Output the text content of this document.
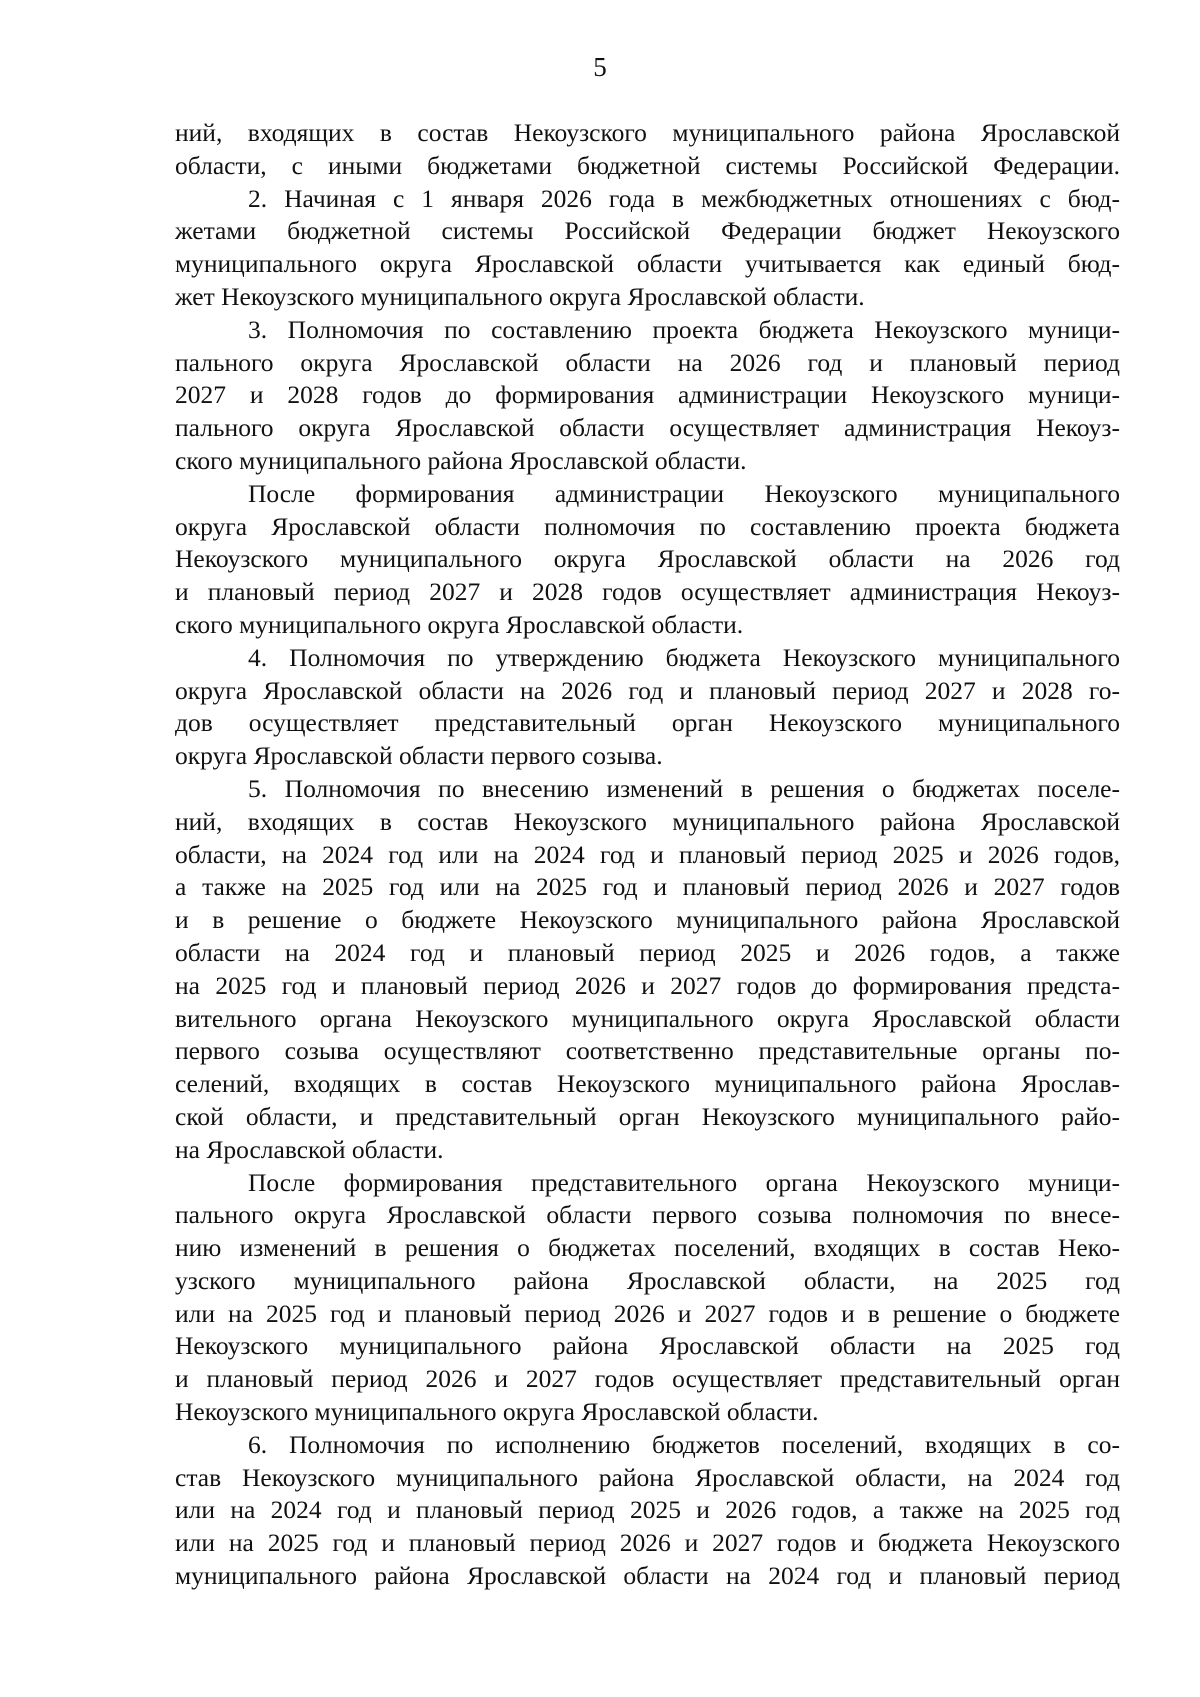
5

ний, входящих в состав Некоузского муниципального района Ярославской
области, с иными бюджетами бюджетной системы Российской Федерации.

2. Начиная с 1 января 2026 года в межбюджетных отношениях с бюд-
жетами бюджетной системы Российской Федерации бюджет Некоузского
муниципального округа Ярославской области учитывается как единый бюд-
жет Некоузского муниципального округа Ярославской области.

3. Полномочия по составлению проекта бюджета Некоузского муници-
пального округа Ярославской области на 2026 год и плановый период
2027 и 2028 годов до формирования администрации Некоузского муници-
пального округа Ярославской области осуществляет администрация Некоуз-
ского муниципального района Ярославской области.

После формирования администрации Некоузского муниципального
округа Ярославской области полномочия по составлению проекта бюджета
Некоузского муниципального округа Ярославской области на 2026 год
и плановый период 2027 и 2028 годов осуществляет администрация Некоуз-
ского муниципального округа Ярославской области.

4. Полномочия по утверждению бюджета Некоузского муниципального
округа Ярославской области на 2026 год и плановый период 2027 и 2028 го-
дов осуществляет представительный орган Некоузского муниципального
округа Ярославской области первого созыва.

5. Полномочия по внесению изменений в решения о бюджетах поселе-
ний, входящих в состав Некоузского муниципального района Ярославской
области, на 2024 год или на 2024 год и плановый период 2025 и 2026 годов,
а также на 2025 год или на 2025 год и плановый период 2026 и 2027 годов
и в решение о бюджете Некоузского муниципального района Ярославской
области на 2024 год и плановый период 2025 и 2026 годов, а также
на 2025 год и плановый период 2026 и 2027 годов до формирования предста-
вительного органа Некоузского муниципального округа Ярославской области
первого созыва осуществляют соответственно представительные органы по-
селений, входящих в состав Некоузского муниципального района Ярослав-
ской области, и представительный орган Некоузского муниципального райо-
на Ярославской области.

После формирования представительного органа Некоузского муници-
пального округа Ярославской области первого созыва полномочия по внесе-
нию изменений в решения о бюджетах поселений, входящих в состав Неко-
узского муниципального района Ярославской области, на 2025 год
или на 2025 год и плановый период 2026 и 2027 годов и в решение о бюджете
Некоузского муниципального района Ярославской области на 2025 год
и плановый период 2026 и 2027 годов осуществляет представительный орган
Некоузского муниципального округа Ярославской области.

6. Полномочия по исполнению бюджетов поселений, входящих в со-
став Некоузского муниципального района Ярославской области, на 2024 год
или на 2024 год и плановый период 2025 и 2026 годов, а также на 2025 год
или на 2025 год и плановый период 2026 и 2027 годов и бюджета Некоузского
муниципального района Ярославской области на 2024 год и плановый период
